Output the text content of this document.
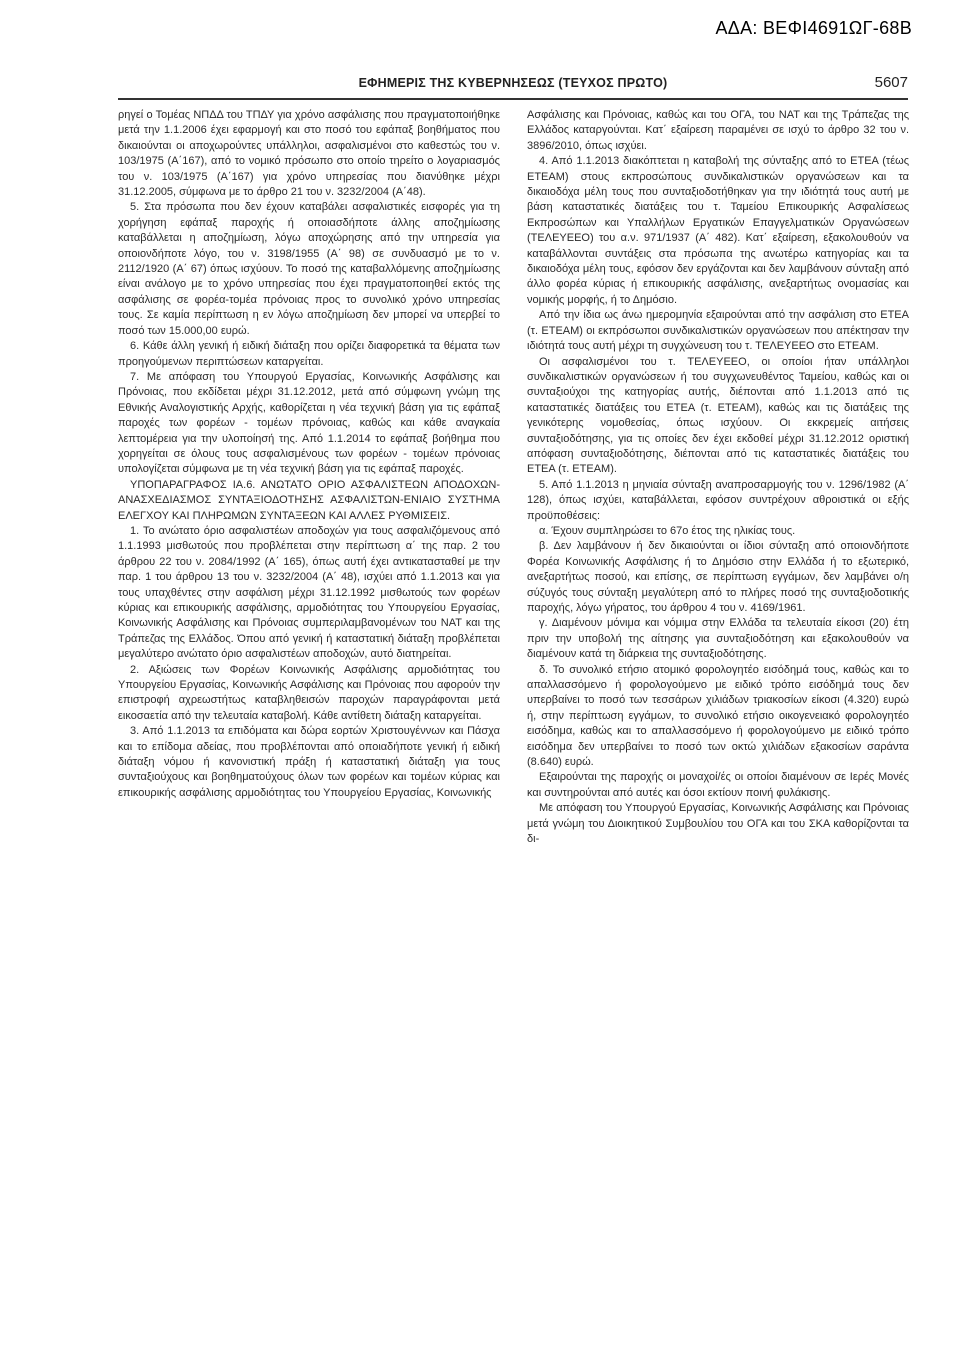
ΑΔΑ: ΒΕΦΙ4691ΩΓ-68Β
ΕΦΗΜΕΡΙΣ ΤΗΣ ΚΥΒΕΡΝΗΣΕΩΣ (ΤΕΥΧΟΣ ΠΡΩΤΟ)	5607

ρηγεί ο Τομέας ΝΠΔΔ του ΤΠΔΥ για χρόνο ασφάλισης που πραγματοποιήθηκε μετά την 1.1.2006 έχει εφαρμογή και στο ποσό του εφάπαξ βοηθήματος που δικαιούνται οι αποχωρούντες υπάλληλοι, ασφαλισμένοι στο καθεστώς του ν. 103/1975 (Α΄167), από το νομικό πρόσωπο στο οποίο τηρείτο ο λογαριασμός του ν. 103/1975 (Α΄167) για χρόνο υπηρεσίας που διανύθηκε μέχρι 31.12.2005, σύμφωνα με το άρθρο 21 του ν. 3232/2004 (Α΄48).

5. Στα πρόσωπα που δεν έχουν καταβάλει ασφαλιστικές εισφορές για τη χορήγηση εφάπαξ παροχής ή οποιασδήποτε άλλης αποζημίωσης καταβάλλεται η αποζημίωση, λόγω αποχώρησης από την υπηρεσία για οποιονδήποτε λόγο, του ν. 3198/1955 (Α΄ 98) σε συνδυασμό με το ν. 2112/1920 (Α΄ 67) όπως ισχύουν. Το ποσό της καταβαλλόμενης αποζημίωσης είναι ανάλογο με το χρόνο υπηρεσίας που έχει πραγματοποιηθεί εκτός της ασφάλισης σε φορέα-τομέα πρόνοιας προς το συνολικό χρόνο υπηρεσίας τους. Σε καμία περίπτωση η εν λόγω αποζημίωση δεν μπορεί να υπερβεί το ποσό των 15.000,00 ευρώ.

6. Κάθε άλλη γενική ή ειδική διάταξη που ορίζει διαφορετικά τα θέματα των προηγούμενων περιπτώσεων καταργείται.

7. Με απόφαση του Υπουργού Εργασίας, Κοινωνικής Ασφάλισης και Πρόνοιας, που εκδίδεται μέχρι 31.12.2012, μετά από σύμφωνη γνώμη της Εθνικής Αναλογιστικής Αρχής, καθορίζεται η νέα τεχνική βάση για τις εφάπαξ παροχές των φορέων - τομέων πρόνοιας, καθώς και κάθε αναγκαία λεπτομέρεια για την υλοποίησή της. Από 1.1.2014 το εφάπαξ βοήθημα που χορηγείται σε όλους τους ασφαλισμένους των φορέων - τομέων πρόνοιας υπολογίζεται σύμφωνα με τη νέα τεχνική βάση για τις εφάπαξ παροχές.

ΥΠΟΠΑΡΑΓΡΑΦΟΣ ΙΑ.6. ΑΝΩΤΑΤΟ ΟΡΙΟ ΑΣΦΑΛΙΣΤΕΩΝ ΑΠΟΔΟΧΩΝ-ΑΝΑΣΧΕΔΙΑΣΜΟΣ ΣΥΝΤΑΞΙΟΔΟΤΗΣΗΣ ΑΣΦΑΛΙΣΤΩΝ-ΕΝΙΑΙΟ ΣΥΣΤΗΜΑ ΕΛΕΓΧΟΥ ΚΑΙ ΠΛΗΡΩΜΩΝ ΣΥΝΤΑΞΕΩΝ ΚΑΙ ΑΛΛΕΣ ΡΥΘΜΙΣΕΙΣ.

1. Το ανώτατο όριο ασφαλιστέων αποδοχών για τους ασφαλιζόμενους από 1.1.1993 μισθωτούς που προβλέπεται στην περίπτωση α΄ της παρ. 2 του άρθρου 22 του ν. 2084/1992 (Α΄ 165), όπως αυτή έχει αντικατασταθεί με την παρ. 1 του άρθρου 13 του ν. 3232/2004 (Α΄ 48), ισχύει από 1.1.2013 και για τους υπαχθέντες στην ασφάλιση μέχρι 31.12.1992 μισθωτούς των φορέων κύριας και επικουρικής ασφάλισης, αρμοδιότητας του Υπουργείου Εργασίας, Κοινωνικής Ασφάλισης και Πρόνοιας συμπεριλαμβανομένων του ΝΑΤ και της Τράπεζας της Ελλάδος. Όπου από γενική ή καταστατική διάταξη προβλέπεται μεγαλύτερο ανώτατο όριο ασφαλιστέων αποδοχών, αυτό διατηρείται.

2. Αξιώσεις των Φορέων Κοινωνικής Ασφάλισης αρμοδιότητας του Υπουργείου Εργασίας, Κοινωνικής Ασφάλισης και Πρόνοιας που αφορούν την επιστροφή αχρεωστήτως καταβληθεισών παροχών παραγράφονται μετά εικοσαετία από την τελευταία καταβολή. Κάθε αντίθετη διάταξη καταργείται.

3. Από 1.1.2013 τα επιδόματα και δώρα εορτών Χριστουγέννων και Πάσχα και το επίδομα αδείας, που προβλέπονται από οποιαδήποτε γενική ή ειδική διάταξη νόμου ή κανονιστική πράξη ή καταστατική διάταξη για τους συνταξιούχους και βοηθηματούχους όλων των φορέων και τομέων κύριας και επικουρικής ασφάλισης αρμοδιότητας του Υπουργείου Εργασίας, Κοινωνικής

Ασφάλισης και Πρόνοιας, καθώς και του ΟΓΑ, του ΝΑΤ και της Τράπεζας της Ελλάδος καταργούνται. Κατ΄ εξαίρεση παραμένει σε ισχύ το άρθρο 32 του ν. 3896/2010, όπως ισχύει.

4. Από 1.1.2013 διακόπτεται η καταβολή της σύνταξης από το ΕΤΕΑ (τέως ΕΤΕΑΜ) στους εκπροσώπους συνδικαλιστικών οργανώσεων και τα δικαιοδόχα μέλη τους που συνταξιοδοτήθηκαν για την ιδιότητά τους αυτή με βάση καταστατικές διατάξεις του τ. Ταμείου Επικουρικής Ασφαλίσεως Εκπροσώπων και Υπαλλήλων Εργατικών Επαγγελματικών Οργανώσεων (ΤΕΛΕΥΕΕΟ) του α.ν. 971/1937 (Α΄ 482). Κατ΄ εξαίρεση, εξακολουθούν να καταβάλλονται συντάξεις στα πρόσωπα της ανωτέρω κατηγορίας και τα δικαιοδόχα μέλη τους, εφόσον δεν εργάζονται και δεν λαμβάνουν σύνταξη από άλλο φορέα κύριας ή επικουρικής ασφάλισης, ανεξαρτήτως ονομασίας και νομικής μορφής, ή το Δημόσιο.

Από την ίδια ως άνω ημερομηνία εξαιρούνται από την ασφάλιση στο ΕΤΕΑ (τ. ΕΤΕΑΜ) οι εκπρόσωποι συνδικαλιστικών οργανώσεων που απέκτησαν την ιδιότητά τους αυτή μέχρι τη συγχώνευση του τ. ΤΕΛΕΥΕΕΟ στο ΕΤΕΑΜ.

Οι ασφαλισμένοι του τ. ΤΕΛΕΥΕΕΟ, οι οποίοι ήταν υπάλληλοι συνδικαλιστικών οργανώσεων ή του συγχωνευθέντος Ταμείου, καθώς και οι συνταξιούχοι της κατηγορίας αυτής, διέπονται από 1.1.2013 από τις καταστατικές διατάξεις του ΕΤΕΑ (τ. ΕΤΕΑΜ), καθώς και τις διατάξεις της γενικότερης νομοθεσίας, όπως ισχύουν. Οι εκκρεμείς αιτήσεις συνταξιοδότησης, για τις οποίες δεν έχει εκδοθεί μέχρι 31.12.2012 οριστική απόφαση συνταξιοδότησης, διέπονται από τις καταστατικές διατάξεις του ΕΤΕΑ (τ. ΕΤΕΑΜ).

5. Από 1.1.2013 η μηνιαία σύνταξη αναπροσαρμογής του ν. 1296/1982 (Α΄ 128), όπως ισχύει, καταβάλλεται, εφόσον συντρέχουν αθροιστικά οι εξής προϋποθέσεις:

α. Έχουν συμπληρώσει το 67ο έτος της ηλικίας τους.

β. Δεν λαμβάνουν ή δεν δικαιούνται οι ίδιοι σύνταξη από οποιονδήποτε Φορέα Κοινωνικής Ασφάλισης ή το Δημόσιο στην Ελλάδα ή το εξωτερικό, ανεξαρτήτως ποσού, και επίσης, σε περίπτωση εγγάμων, δεν λαμβάνει ο/η σύζυγός τους σύνταξη μεγαλύτερη από το πλήρες ποσό της συνταξιοδοτικής παροχής, λόγω γήρατος, του άρθρου 4 του ν. 4169/1961.

γ. Διαμένουν μόνιμα και νόμιμα στην Ελλάδα τα τελευταία είκοσι (20) έτη πριν την υποβολή της αίτησης για συνταξιοδότηση και εξακολουθούν να διαμένουν κατά τη διάρκεια της συνταξιοδότησης.

δ. Το συνολικό ετήσιο ατομικό φορολογητέο εισόδημά τους, καθώς και το απαλλασσόμενο ή φορολογούμενο με ειδικό τρόπο εισόδημά τους δεν υπερβαίνει το ποσό των τεσσάρων χιλιάδων τριακοσίων είκοσι (4.320) ευρώ ή, στην περίπτωση εγγάμων, το συνολικό ετήσιο οικογενειακό φορολογητέο εισόδημα, καθώς και το απαλλασσόμενο ή φορολογούμενο με ειδικό τρόπο εισόδημα δεν υπερβαίνει το ποσό των οκτώ χιλιάδων εξακοσίων σαράντα (8.640) ευρώ.

Εξαιρούνται της παροχής οι μοναχοί/ές οι οποίοι διαμένουν σε Ιερές Μονές και συντηρούνται από αυτές και όσοι εκτίουν ποινή φυλάκισης.

Με απόφαση του Υπουργού Εργασίας, Κοινωνικής Ασφάλισης και Πρόνοιας μετά γνώμη του Διοικητικού Συμβουλίου του ΟΓΑ και του ΣΚΑ καθορίζονται τα δι-
